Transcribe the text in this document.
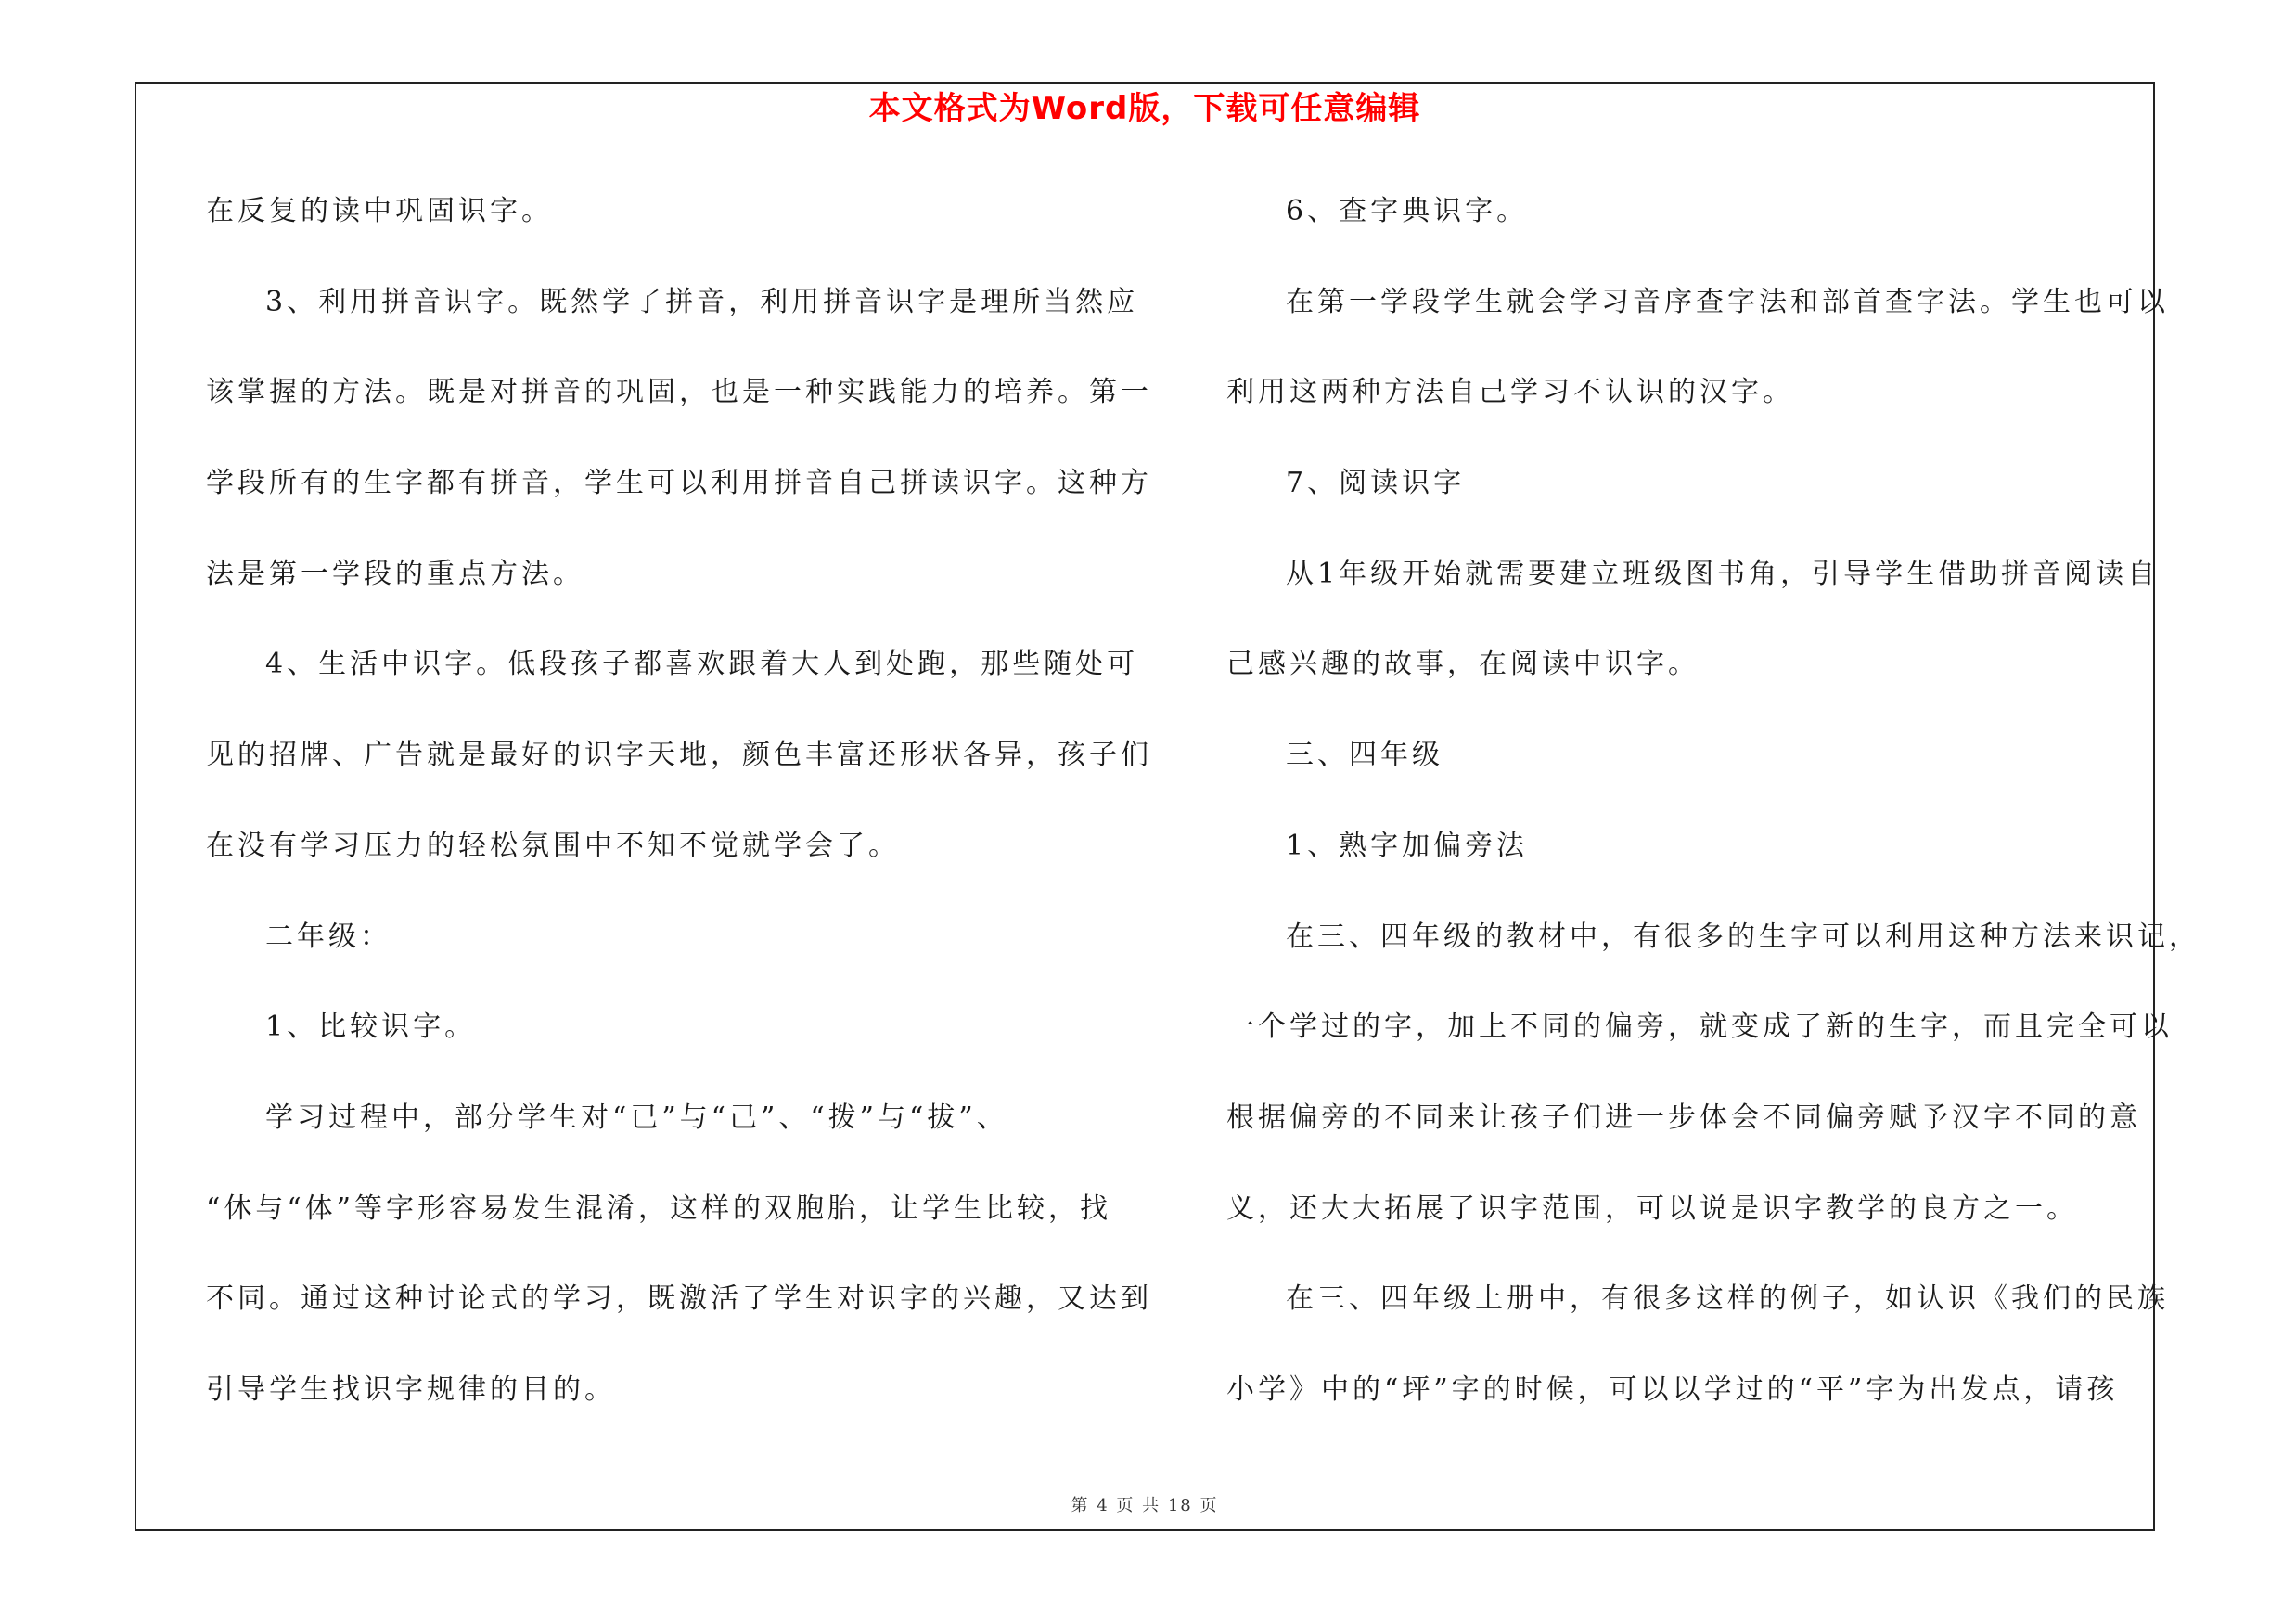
本文格式为Word版，下载可任意编辑
在反复的读中巩固识字。
3、利用拼音识字。既然学了拼音，利用拼音识字是理所当然应
该掌握的方法。既是对拼音的巩固，也是一种实践能力的培养。第一
学段所有的生字都有拼音，学生可以利用拼音自己拼读识字。这种方
法是第一学段的重点方法。
4、生活中识字。低段孩子都喜欢跟着大人到处跑，那些随处可
见的招牌、广告就是最好的识字天地，颜色丰富还形状各异，孩子们
在没有学习压力的轻松氛围中不知不觉就学会了。
二年级：
1、比较识字。
学习过程中，部分学生对“已”与“己”、“拨”与“拔”、
“休与“体”等字形容易发生混淆，这样的双胞胎，让学生比较，找
不同。通过这种讨论式的学习，既激活了学生对识字的兴趣，又达到
引导学生找识字规律的目的。
6、查字典识字。
在第一学段学生就会学习音序查字法和部首查字法。学生也可以
利用这两种方法自己学习不认识的汉字。
7、阅读识字
从1年级开始就需要建立班级图书角，引导学生借助拼音阅读自
己感兴趣的故事，在阅读中识字。
三、四年级
1、熟字加偏旁法
在三、四年级的教材中，有很多的生字可以利用这种方法来识记，
一个学过的字，加上不同的偏旁，就变成了新的生字，而且完全可以
根据偏旁的不同来让孩子们进一步体会不同偏旁赋予汉字不同的意
义，还大大拓展了识字范围，可以说是识字教学的良方之一。
在三、四年级上册中，有很多这样的例子，如认识《我们的民族
小学》中的“坪”字的时候，可以以学过的“平”字为出发点，请孩
第 4 页 共 18 页
